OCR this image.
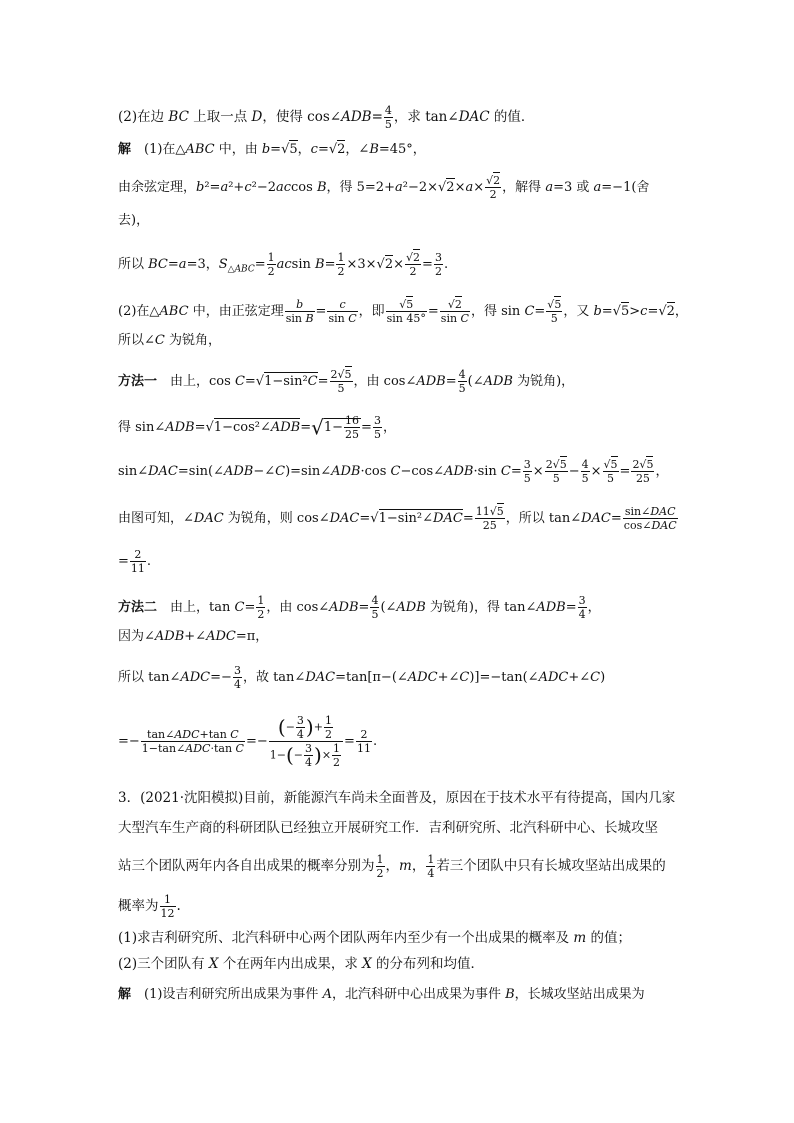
(2)在边 BC 上取一点 D，使得 cos∠ADB= $\frac{4}{5}$ ，求 tan∠DAC 的值．
解　(1)在△ABC 中，由 b=√5，c=√2，∠B=45°，
由余弦定理，b²=a²+c²−2accos B，得 $5=2+a^2-2\times√2\times a\times \frac{√2}{2}$ ，解得 a=3 或 a=−1(舍
去)，
所以 BC=a=3，$S_{\triangle ABC}= \frac{1}{2}$ acsin $B= \frac{1}{2} \times 3\times√2\times \frac{√2}{2} = \frac{3}{2}$ .
(2)在△ABC 中，由正弦定理 $\frac{b}{\text{sin B}} = \frac{c}{\text{sin C}}$ ，即 $\frac{√5}{\sin 45^\circ} = \frac{√2}{\text{sin C}}$ ，得 $\sin C= \frac{√5}{5}$ ，又 b=√5>c=√2，
所以∠C 为锐角，
方法一　由上，$\cos C=√1-\sin^2C= \frac{2√5}{5}$ ，由 cos∠ADB= $\frac{4}{5}$ (∠ADB 为锐角)，
得 sin∠ADB=√1−cos²∠ADB=√1− $\frac{16}{25} = \frac{3}{5}$ ，
sin∠DAC=sin(∠ADB−∠C)=sin∠ADB·cos C−cos∠ADB·sin $C= \frac{3}{5} \times \frac{2√5}{5} - \frac{4}{5} \times \frac{√5}{5} = \frac{2√5}{25}$ ，
由图可知，∠DAC 为锐角，则 cos∠DAC=√1−sin²∠DAC= $\frac{11√5}{25}$ ，所以 tan∠DAC= $\frac{\text{sin∠DAC}}{\text{cos∠DAC}}$
= $\frac{2}{11}$ .
方法二　由上，$\tan C= \frac{1}{2}$ ，由 cos∠ADB= $\frac{4}{5}$ (∠ADB 为锐角)，得 tan∠ADB= $\frac{3}{4}$ ，
因为∠ADB+∠ADC=π，
所以 tan∠ADC=− $\frac{3}{4}$ ，故 tan∠DAC=tan[π−(∠ADC+∠C)]=−tan(∠ADC+∠C)
=− $\frac{\text{tan∠ADC+tan C}}{\text{1−tan∠ADC·tan C}} =- \frac{(- \frac{3}{4} )+ \frac{1}{2}}{1-(- \frac{3}{4} )\times \frac{1}{2}} = \frac{2}{11}$ .
3．(2021·沈阳模拟)目前，新能源汽车尚未全面普及，原因在于技术水平有待提高，国内几家
大型汽车生产商的科研团队已经独立开展研究工作．吉利研究所、北汽科研中心、长城攻坚
站三个团队两年内各自出成果的概率分别为 $\frac{1}{2}$ ，m， $\frac{1}{4}$ 若三个团队中只有长城攻坚站出成果的
概率为 $\frac{1}{12}$ .
(1)求吉利研究所、北汽科研中心两个团队两年内至少有一个出成果的概率及 m 的值；
(2)三个团队有 X 个在两年内出成果，求 X 的分布列和均值．
解　(1)设吉利研究所出成果为事件 A，北汽科研中心出成果为事件 B，长城攻坚站出成果为
